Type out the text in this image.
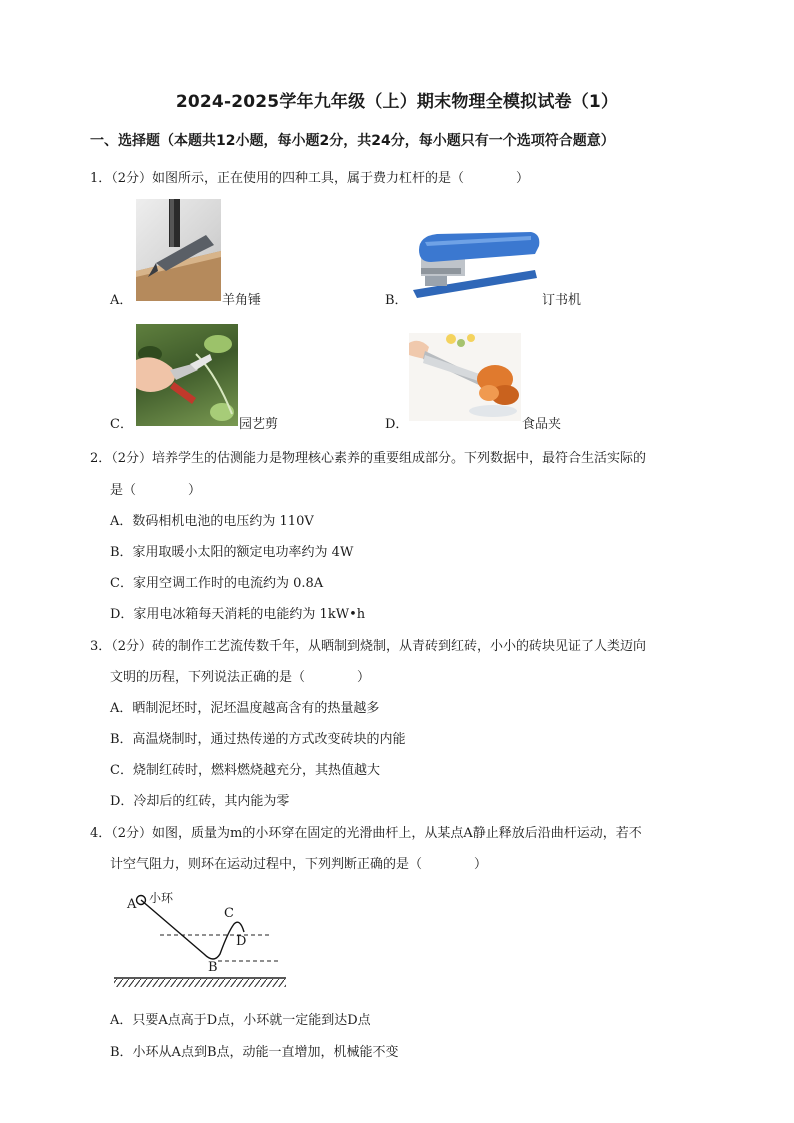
2024-2025学年九年级（上）期末物理全模拟试卷（1）
一、选择题（本题共12小题，每小题2分，共24分，每小题只有一个选项符合题意）
1．（2分）如图所示，正在使用的四种工具，属于费力杠杆的是（　　　　）
A．	羊角锤	B．	订书机
C．	园艺剪	D．	食品夹
2．（2分）培养学生的估测能力是物理核心素养的重要组成部分。下列数据中，最符合生活实际的
是（　　　　）
A．数码相机电池的电压约为 110V
B．家用取暖小太阳的额定电功率约为 4W
C．家用空调工作时的电流约为 0.8A
D．家用电冰箱每天消耗的电能约为 1kW•h
3．（2分）砖的制作工艺流传数千年，从晒制到烧制，从青砖到红砖，小小的砖块见证了人类迈向
文明的历程，下列说法正确的是（　　　　）
A．晒制泥坯时，泥坯温度越高含有的热量越多
B．高温烧制时，通过热传递的方式改变砖块的内能
C．烧制红砖时，燃料燃烧越充分，其热值越大
D．冷却后的红砖，其内能为零
4．（2分）如图，质量为m的小环穿在固定的光滑曲杆上，从某点A静止释放后沿曲杆运动，若不
计空气阻力，则环在运动过程中，下列判断正确的是（　　　　）
A 小环
C
D
B
A．只要A点高于D点，小环就一定能到达D点
B．小环从A点到B点，动能一直增加，机械能不变
